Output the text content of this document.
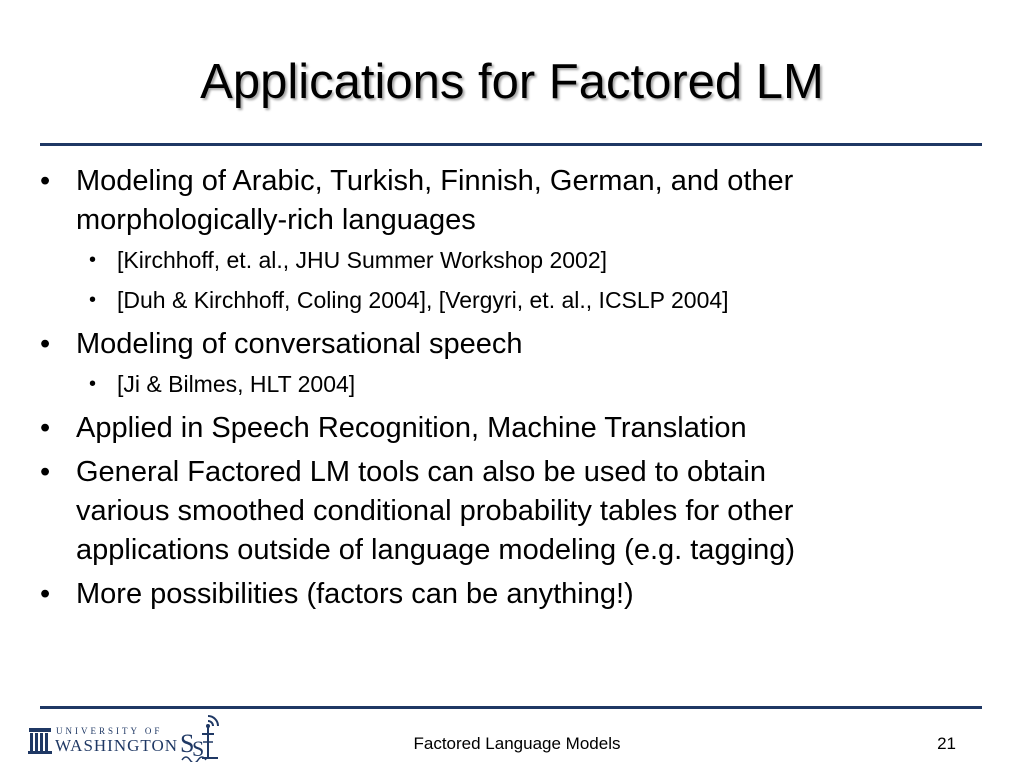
Applications for Factored LM
• Modeling of Arabic, Turkish, Finnish, German, and other
morphologically-rich languages
• [Kirchhoff, et. al., JHU Summer Workshop 2002]
• [Duh & Kirchhoff, Coling 2004], [Vergyri, et. al., ICSLP 2004]
• Modeling of conversational speech
• [Ji & Bilmes, HLT 2004]
• Applied in Speech Recognition, Machine Translation
• General Factored LM tools can also be used to obtain
various smoothed conditional probability tables for other
applications outside of language modeling (e.g. tagging)
• More possibilities (factors can be anything!)
UNIVERSITY OF
WASHINGTON S
S	Factored Language Models	21
